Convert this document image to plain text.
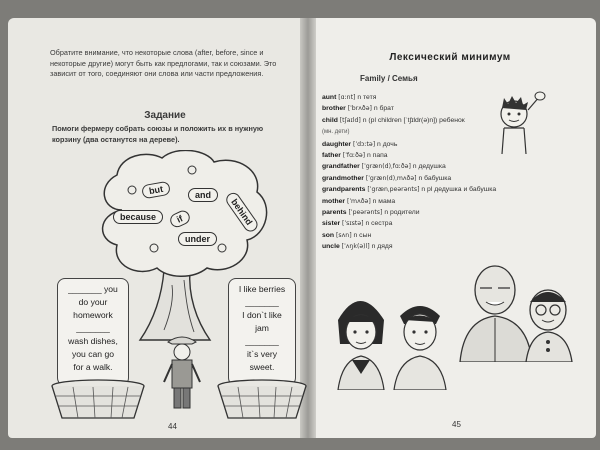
Обратите внимание, что некоторые слова (after, before, since и некоторые другие) могут быть как предлогами, так и союзами. Это зависит от того, соединяют они слова или части предложения.
Задание
Помоги фермеру собрать союзы и положить их в нужную корзину (два останутся на дереве).
but	and
because	if	behind
under
_______ you
do your
homework
_______
wash dishes,
you can go
for a walk.
I like berries
_______
I don`t like
jam
_______
it`s very
sweet.
44
Лексический минимум
Family / Семья
aunt [ɑːnt] n тетя
brother [ˈbrʌðə] n брат
child [tʃaɪld] n (pl children [ˈtʃɪldr(ə)n]) ребенок
(мн. дети)
daughter [ˈdɔːtə] n дочь
father [ˈfɑːðə] n папа
grandfather [ˈgræn(d)ˌfɑːðə] n дедушка
grandmother [ˈgræn(d)ˌmʌðə] n бабушка
grandparents [ˈgrænˌpeərənts] n pl дедушка и бабушка
mother [ˈmʌðə] n мама
parents [ˈpeərənts] n родители
sister [ˈsɪstə] n сестра
son [sʌn] n сын
uncle [ˈʌŋk(ə)l] n дядя
45
